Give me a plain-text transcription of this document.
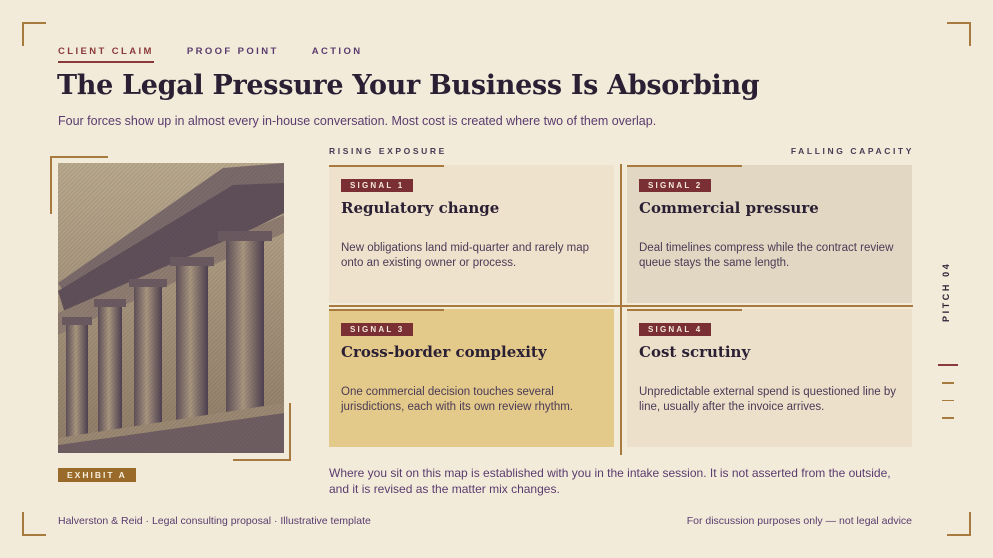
CLIENT CLAIM	PROOF POINT	ACTION
The Legal Pressure Your Business Is Absorbing

Four forces show up in almost every in-house conversation. Most cost is created where two of them overlap.

EXHIBIT A
RISING EXPOSURE	FALLING CAPACITY
SIGNAL 1
Regulatory change
New obligations land mid-quarter and rarely map onto an existing owner or process.
SIGNAL 2
Commercial pressure
Deal timelines compress while the contract review queue stays the same length.
SIGNAL 3
Cross-border complexity
One commercial decision touches several jurisdictions, each with its own review rhythm.
SIGNAL 4
Cost scrutiny
Unpredictable external spend is questioned line by line, usually after the invoice arrives.

Where you sit on this map is established with you in the intake session. It is not asserted from the outside, and it is revised as the matter mix changes.

Halverston & Reid · Legal consulting proposal · Illustrative template	For discussion purposes only — not legal advice
PITCH 04
